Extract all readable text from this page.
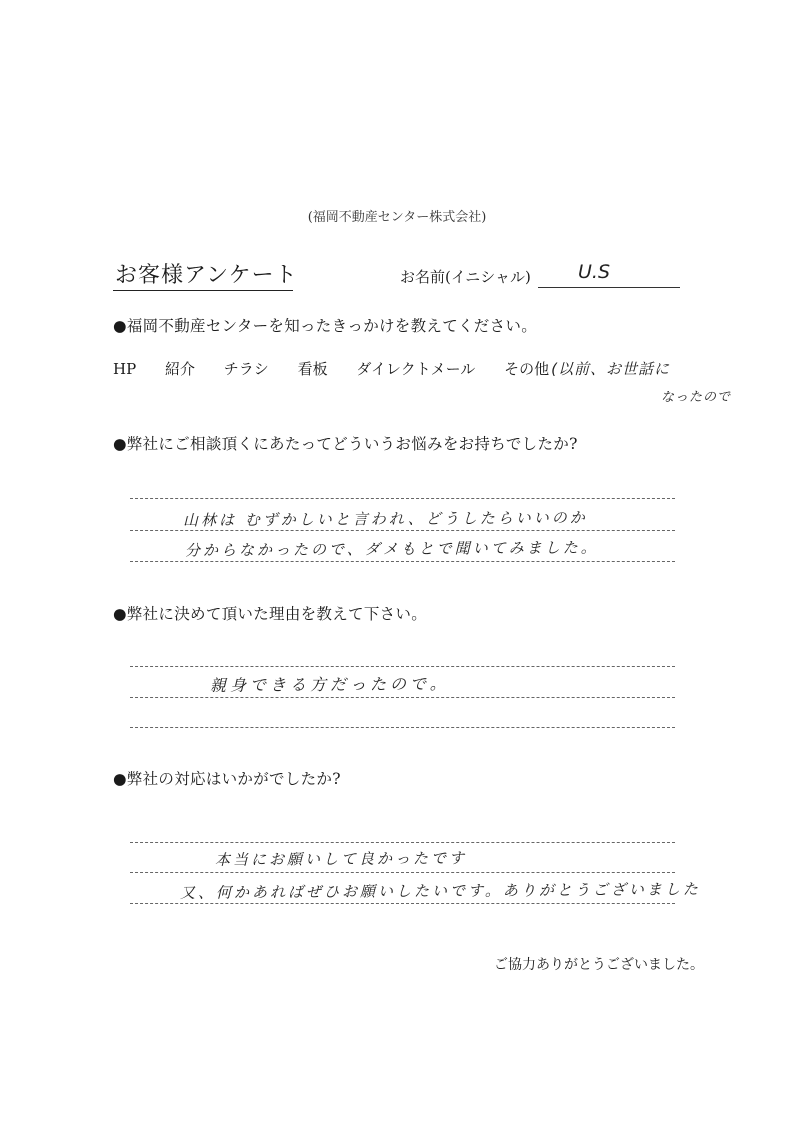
(福岡不動産センター株式会社)
お客様アンケート	お名前(イニシャル) U.S
●福岡不動産センターを知ったきっかけを教えてください。
HP 紹介 チラシ 看板 ダイレクトメール その他 (以前、お世話に
なったので
●弊社にご相談頂くにあたってどういうお悩みをお持ちでしたか?
山林は むずかしいと言われ、どうしたらいいのか
分からなかったので、ダメもとで聞いてみました。
●弊社に決めて頂いた理由を教えて下さい。
親身できる方だったので。
●弊社の対応はいかがでしたか?
本当にお願いして良かったです
又、何かあればぜひお願いしたいです。ありがとうございました
ご協力ありがとうございました。
